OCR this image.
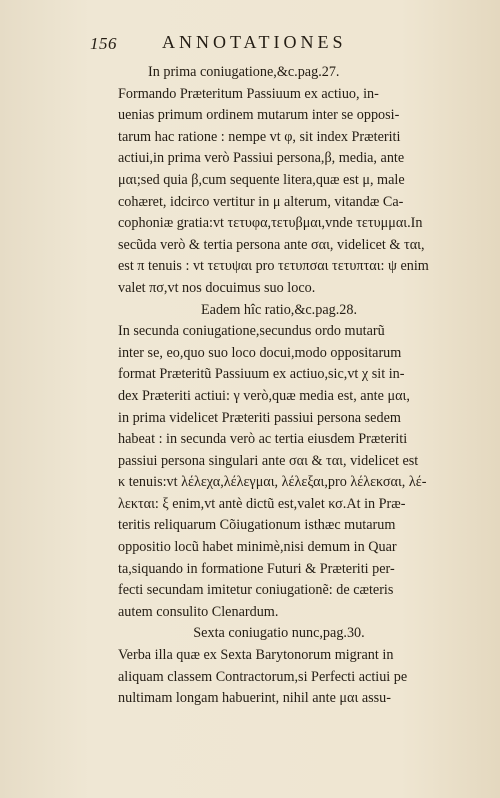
156	ANNOTATIONES
In prima coniugatione,&c.pag.27.
Formando Præteritum Passiuum ex actiuo, in-
uenias primum ordinem mutarum inter se opposi-
tarum hac ratione : nempe vt φ, sit index Præteriti
actiui,in prima verò Passiui persona,β, media, ante
μαι;sed quia β,cum sequente litera,quæ est μ, male
cohæret, idcirco vertitur in μ alterum, vitandæ Ca-
cophoniæ gratia:vt τετυφα,τετυβμαι,vnde τετυμμαι.In
secũda verò & tertia persona ante σαι, videlicet & ται,
est π tenuis : vt τετυψαι pro τετυπσαι τετυπται: ψ enim
valet πσ,vt nos docuimus suo loco.
Eadem hîc ratio,&c.pag.28.
In secunda coniugatione,secundus ordo mutarũ
inter se, eo,quo suo loco docui,modo oppositarum
format Præteritũ Passiuum ex actiuo,sic,vt χ sit in-
dex Præteriti actiui: γ verò,quæ media est, ante μαι,
in prima videlicet Præteriti passiui persona sedem
habeat : in secunda verò ac tertia eiusdem Præteriti
passiui persona singulari ante σαι & ται, videlicet est
κ tenuis:vt λέλεχα,λέλεγμαι, λέλεξαι,pro λέλεκσαι, λέ-
λεκται: ξ enim,vt antè dictũ est,valet κσ.At in Præ-
teritis reliquarum Cõiugationum isthæc mutarum
oppositio locũ habet minimè,nisi demum in Quar
ta,siquando in formatione Futuri & Præteriti per-
fecti secundam imitetur coniugationẽ: de cæteris
autem consulito Clenardum.
Sexta coniugatio nunc,pag.30.
Verba illa quæ ex Sexta Barytonorum migrant in
aliquam classem Contractorum,si Perfecti actiui pe
nultimam longam habuerint, nihil ante μαι assu-
